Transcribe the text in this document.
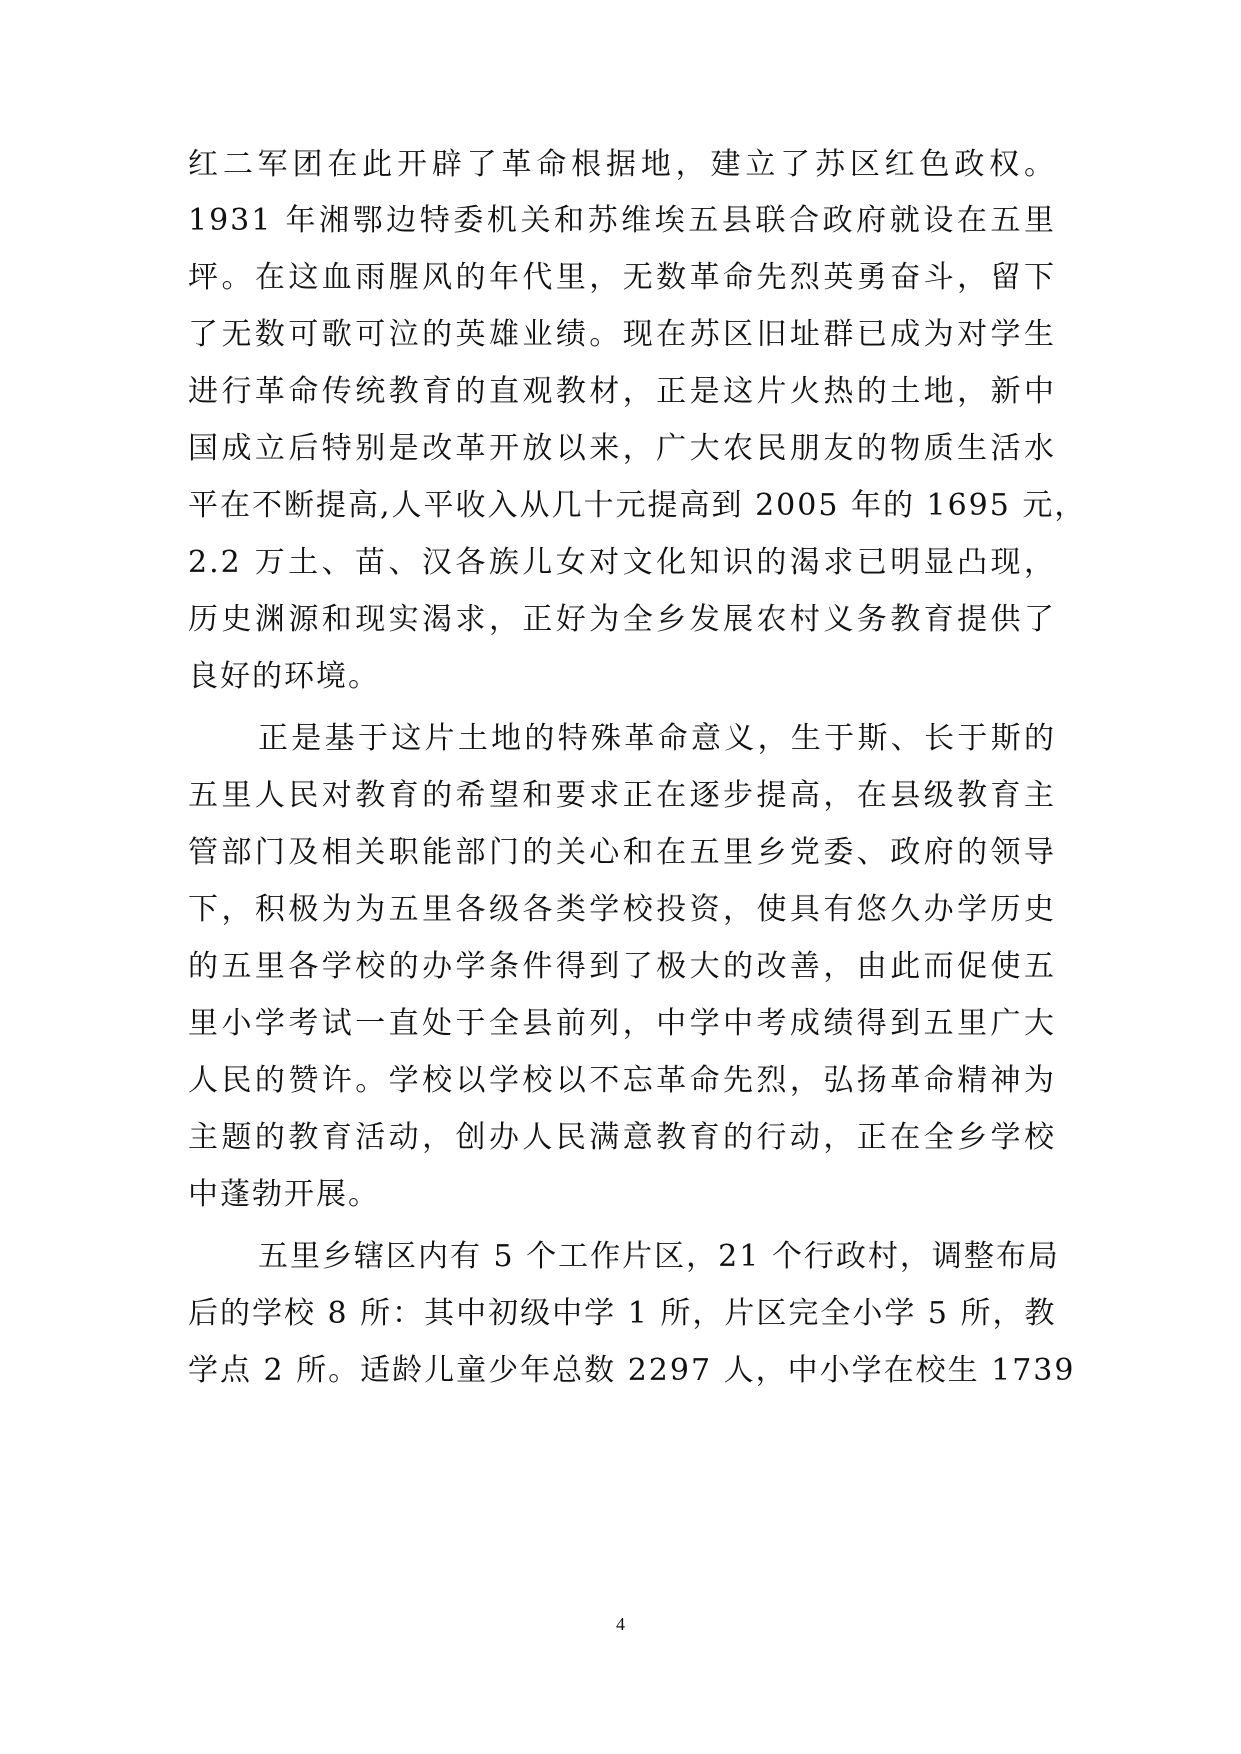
红二军团在此开辟了革命根据地，建立了苏区红色政权。
1931 年湘鄂边特委机关和苏维埃五县联合政府就设在五里
坪。在这血雨腥风的年代里，无数革命先烈英勇奋斗，留下
了无数可歌可泣的英雄业绩。现在苏区旧址群已成为对学生
进行革命传统教育的直观教材，正是这片火热的土地，新中
国成立后特别是改革开放以来，广大农民朋友的物质生活水
平在不断提高,人平收入从几十元提高到 2005 年的 1695 元，
2.2 万土、苗、汉各族儿女对文化知识的渴求已明显凸现，
历史渊源和现实渴求，正好为全乡发展农村义务教育提供了
良好的环境。
正是基于这片土地的特殊革命意义，生于斯、长于斯的
五里人民对教育的希望和要求正在逐步提高，在县级教育主
管部门及相关职能部门的关心和在五里乡党委、政府的领导
下，积极为为五里各级各类学校投资，使具有悠久办学历史
的五里各学校的办学条件得到了极大的改善，由此而促使五
里小学考试一直处于全县前列，中学中考成绩得到五里广大
人民的赞许。学校以学校以不忘革命先烈，弘扬革命精神为
主题的教育活动，创办人民满意教育的行动，正在全乡学校
中蓬勃开展。
五里乡辖区内有 5 个工作片区，21 个行政村，调整布局
后的学校 8 所：其中初级中学 1 所，片区完全小学 5 所，教
学点 2 所。适龄儿童少年总数 2297 人，中小学在校生 1739
4
